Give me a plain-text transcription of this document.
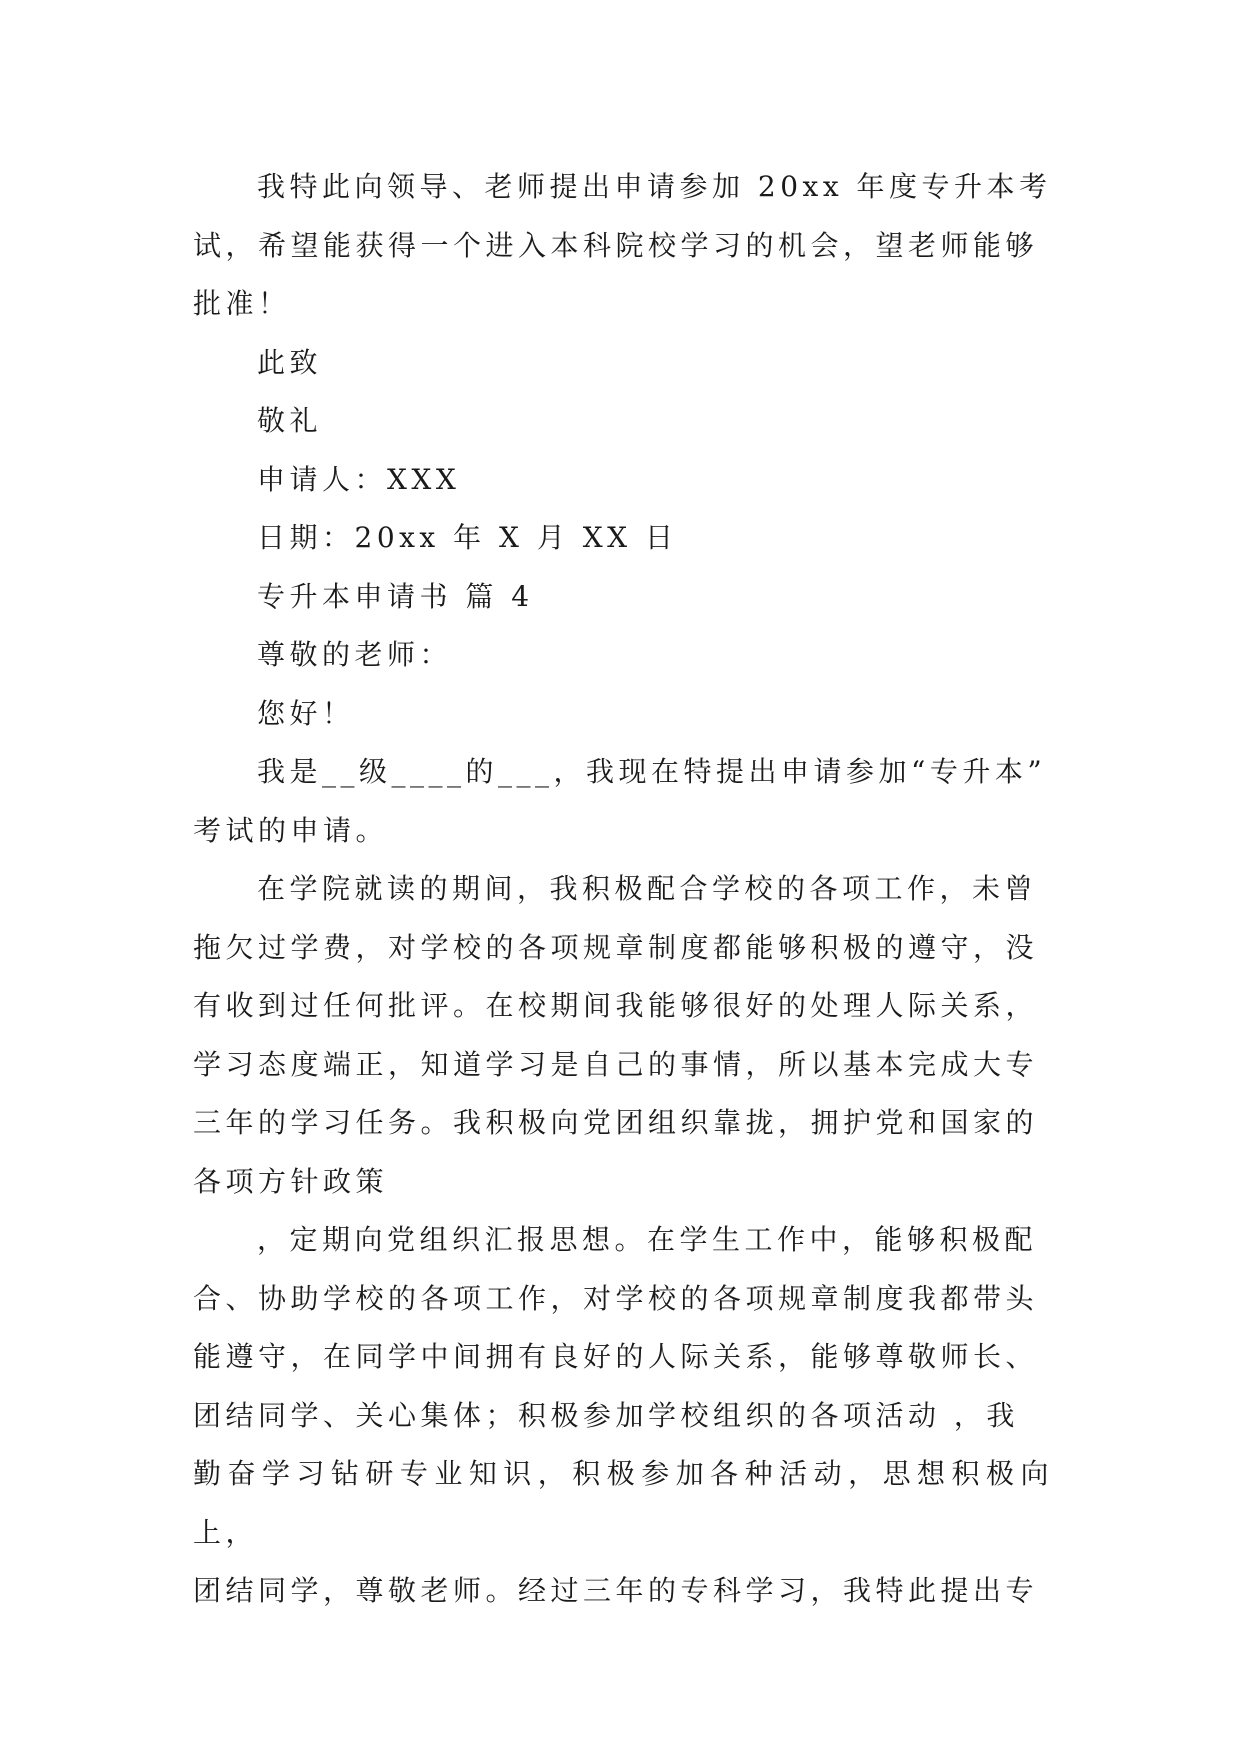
我特此向领导、老师提出申请参加 20xx 年度专升本考
试，希望能获得一个进入本科院校学习的机会，望老师能够
批准！

此致

敬礼

申请人：XXX

日期：20xx 年 X 月 XX 日

专升本申请书 篇 4

尊敬的老师：

您好！

我是__级____的___，我现在特提出申请参加“专升本”
考试的申请。

在学院就读的期间，我积极配合学校的各项工作，未曾
拖欠过学费，对学校的各项规章制度都能够积极的遵守，没
有收到过任何批评。在校期间我能够很好的处理人际关系，
学习态度端正，知道学习是自己的事情，所以基本完成大专
三年的学习任务。我积极向党团组织靠拢，拥护党和国家的
各项方针政策

，定期向党组织汇报思想。在学生工作中，能够积极配
合、协助学校的各项工作，对学校的各项规章制度我都带头
能遵守，在同学中间拥有良好的人际关系，能够尊敬师长、
团结同学、关心集体；积极参加学校组织的各项活动 ，我
勤奋学习钻研专业知识，积极参加各种活动，思想积极向上，
团结同学，尊敬老师。经过三年的专科学习，我特此提出专
